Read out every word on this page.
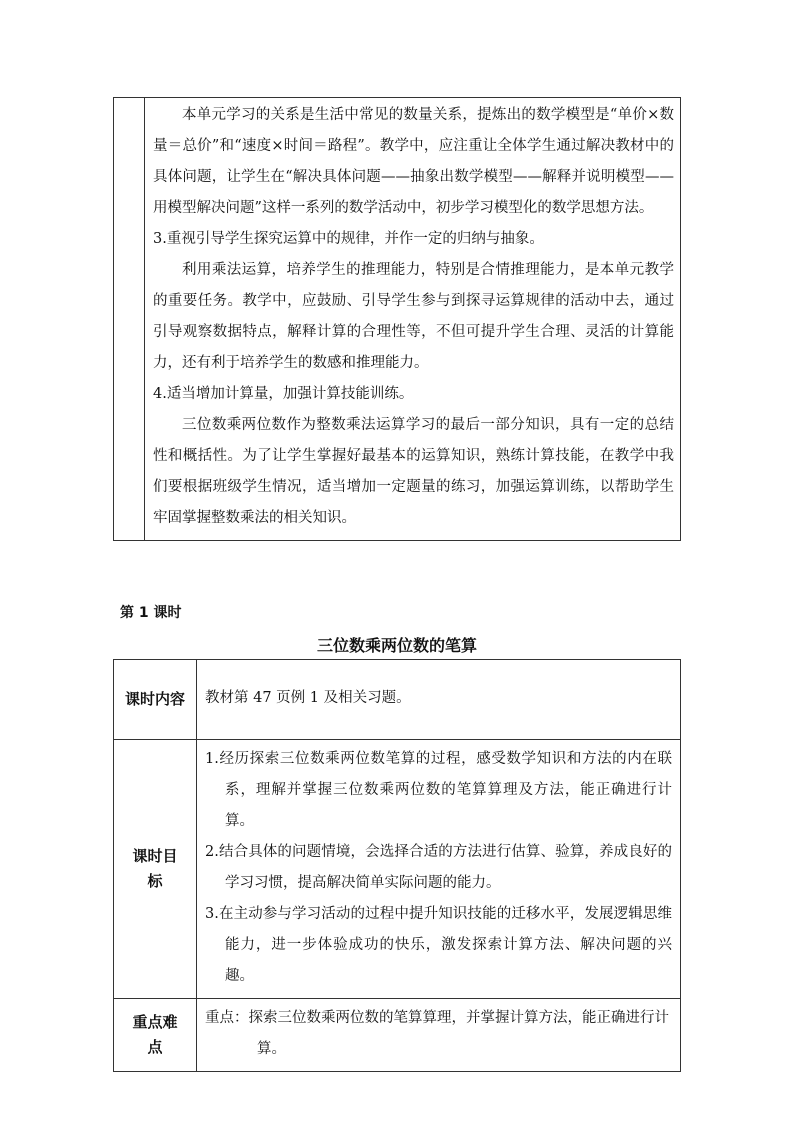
本单元学习的关系是生活中常见的数量关系，提炼出的数学模型是“单价×数量＝总价”和“速度×时间＝路程”。教学中，应注重让全体学生通过解决教材中的具体问题，让学生在“解决具体问题——抽象出数学模型——解释并说明模型——用模型解决问题”这样一系列的数学活动中，初步学习模型化的数学思想方法。

3.重视引导学生探究运算中的规律，并作一定的归纳与抽象。

利用乘法运算，培养学生的推理能力，特别是合情推理能力，是本单元教学的重要任务。教学中，应鼓励、引导学生参与到探寻运算规律的活动中去，通过引导观察数据特点，解释计算的合理性等，不但可提升学生合理、灵活的计算能力，还有利于培养学生的数感和推理能力。

4.适当增加计算量，加强计算技能训练。

三位数乘两位数作为整数乘法运算学习的最后一部分知识，具有一定的总结性和概括性。为了让学生掌握好最基本的运算知识，熟练计算技能，在教学中我们要根据班级学生情况，适当增加一定题量的练习，加强运算训练，以帮助学生牢固掌握整数乘法的相关知识。

第 1 课时
三位数乘两位数的笔算
课时内容	教材第 47 页例 1 及相关习题。

课时目标	1.经历探索三位数乘两位数笔算的过程，感受数学知识和方法的内在联系，理解并掌握三位数乘两位数的笔算算理及方法，能正确进行计算。

2.结合具体的问题情境，会选择合适的方法进行估算、验算，养成良好的学习习惯，提高解决简单实际问题的能力。

3.在主动参与学习活动的过程中提升知识技能的迁移水平，发展逻辑思维能力，进一步体验成功的快乐，激发探索计算方法、解决问题的兴趣。

重点难点	重点：探索三位数乘两位数的笔算算理，并掌握计算方法，能正确进行计算。
